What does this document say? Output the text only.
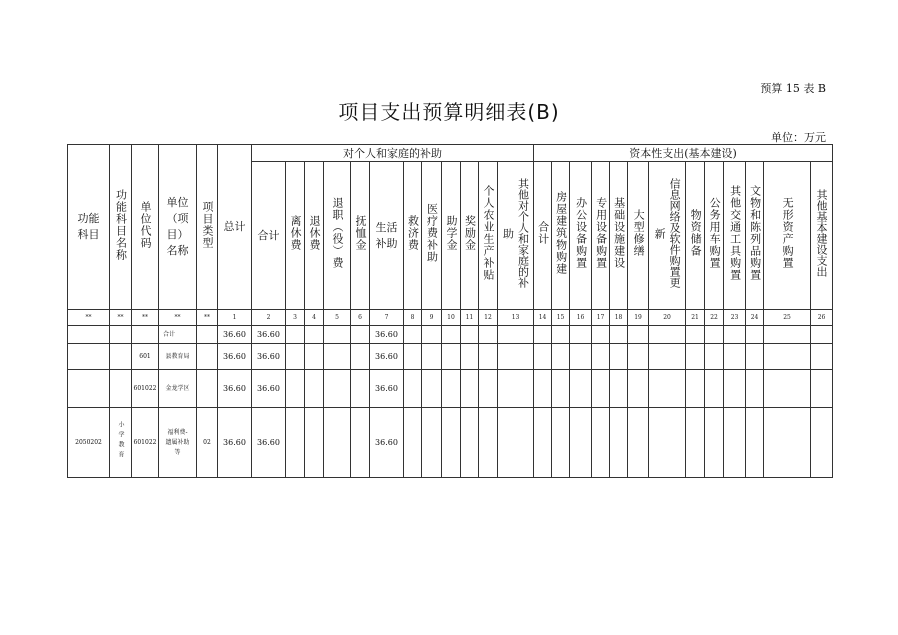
预算 15 表 B
项目支出预算明细表(B)
单位：万元
功能科目	功能科目名称	单位代码	单位（项目）名称	项目类型	总计	对个人和家庭的补助												资本性支出(基本建设)												
						合计	离休费	退休费	退职（役）费	抚恤金	生活补助	救济费	医疗费补助	助学金	奖励金	个人农业生产补贴	其他对个人和家庭的补助	合计	房屋建筑物购建	办公设备购置	专用设备购置	基础设施建设	大型修缮	信息网络及软件购置更新	物资储备	公务用车购置	其他交通工具购置	文物和陈列品购置	无形资产购置	其他基本建设支出
**	**	**	**	**	1	2	3	4	5	6	7	8	9	10	11	12	13	14	15	16	17	18	19	20	21	22	23	24	25	26
			合计		36.60	36.60					36.60																			
		601	县教育局		36.60	36.60					36.60																			
		601022	金龙学区		36.60	36.60					36.60																			
2050202	小学教育	601022	福利费-遗属补助等	02	36.60	36.60					36.60																			
